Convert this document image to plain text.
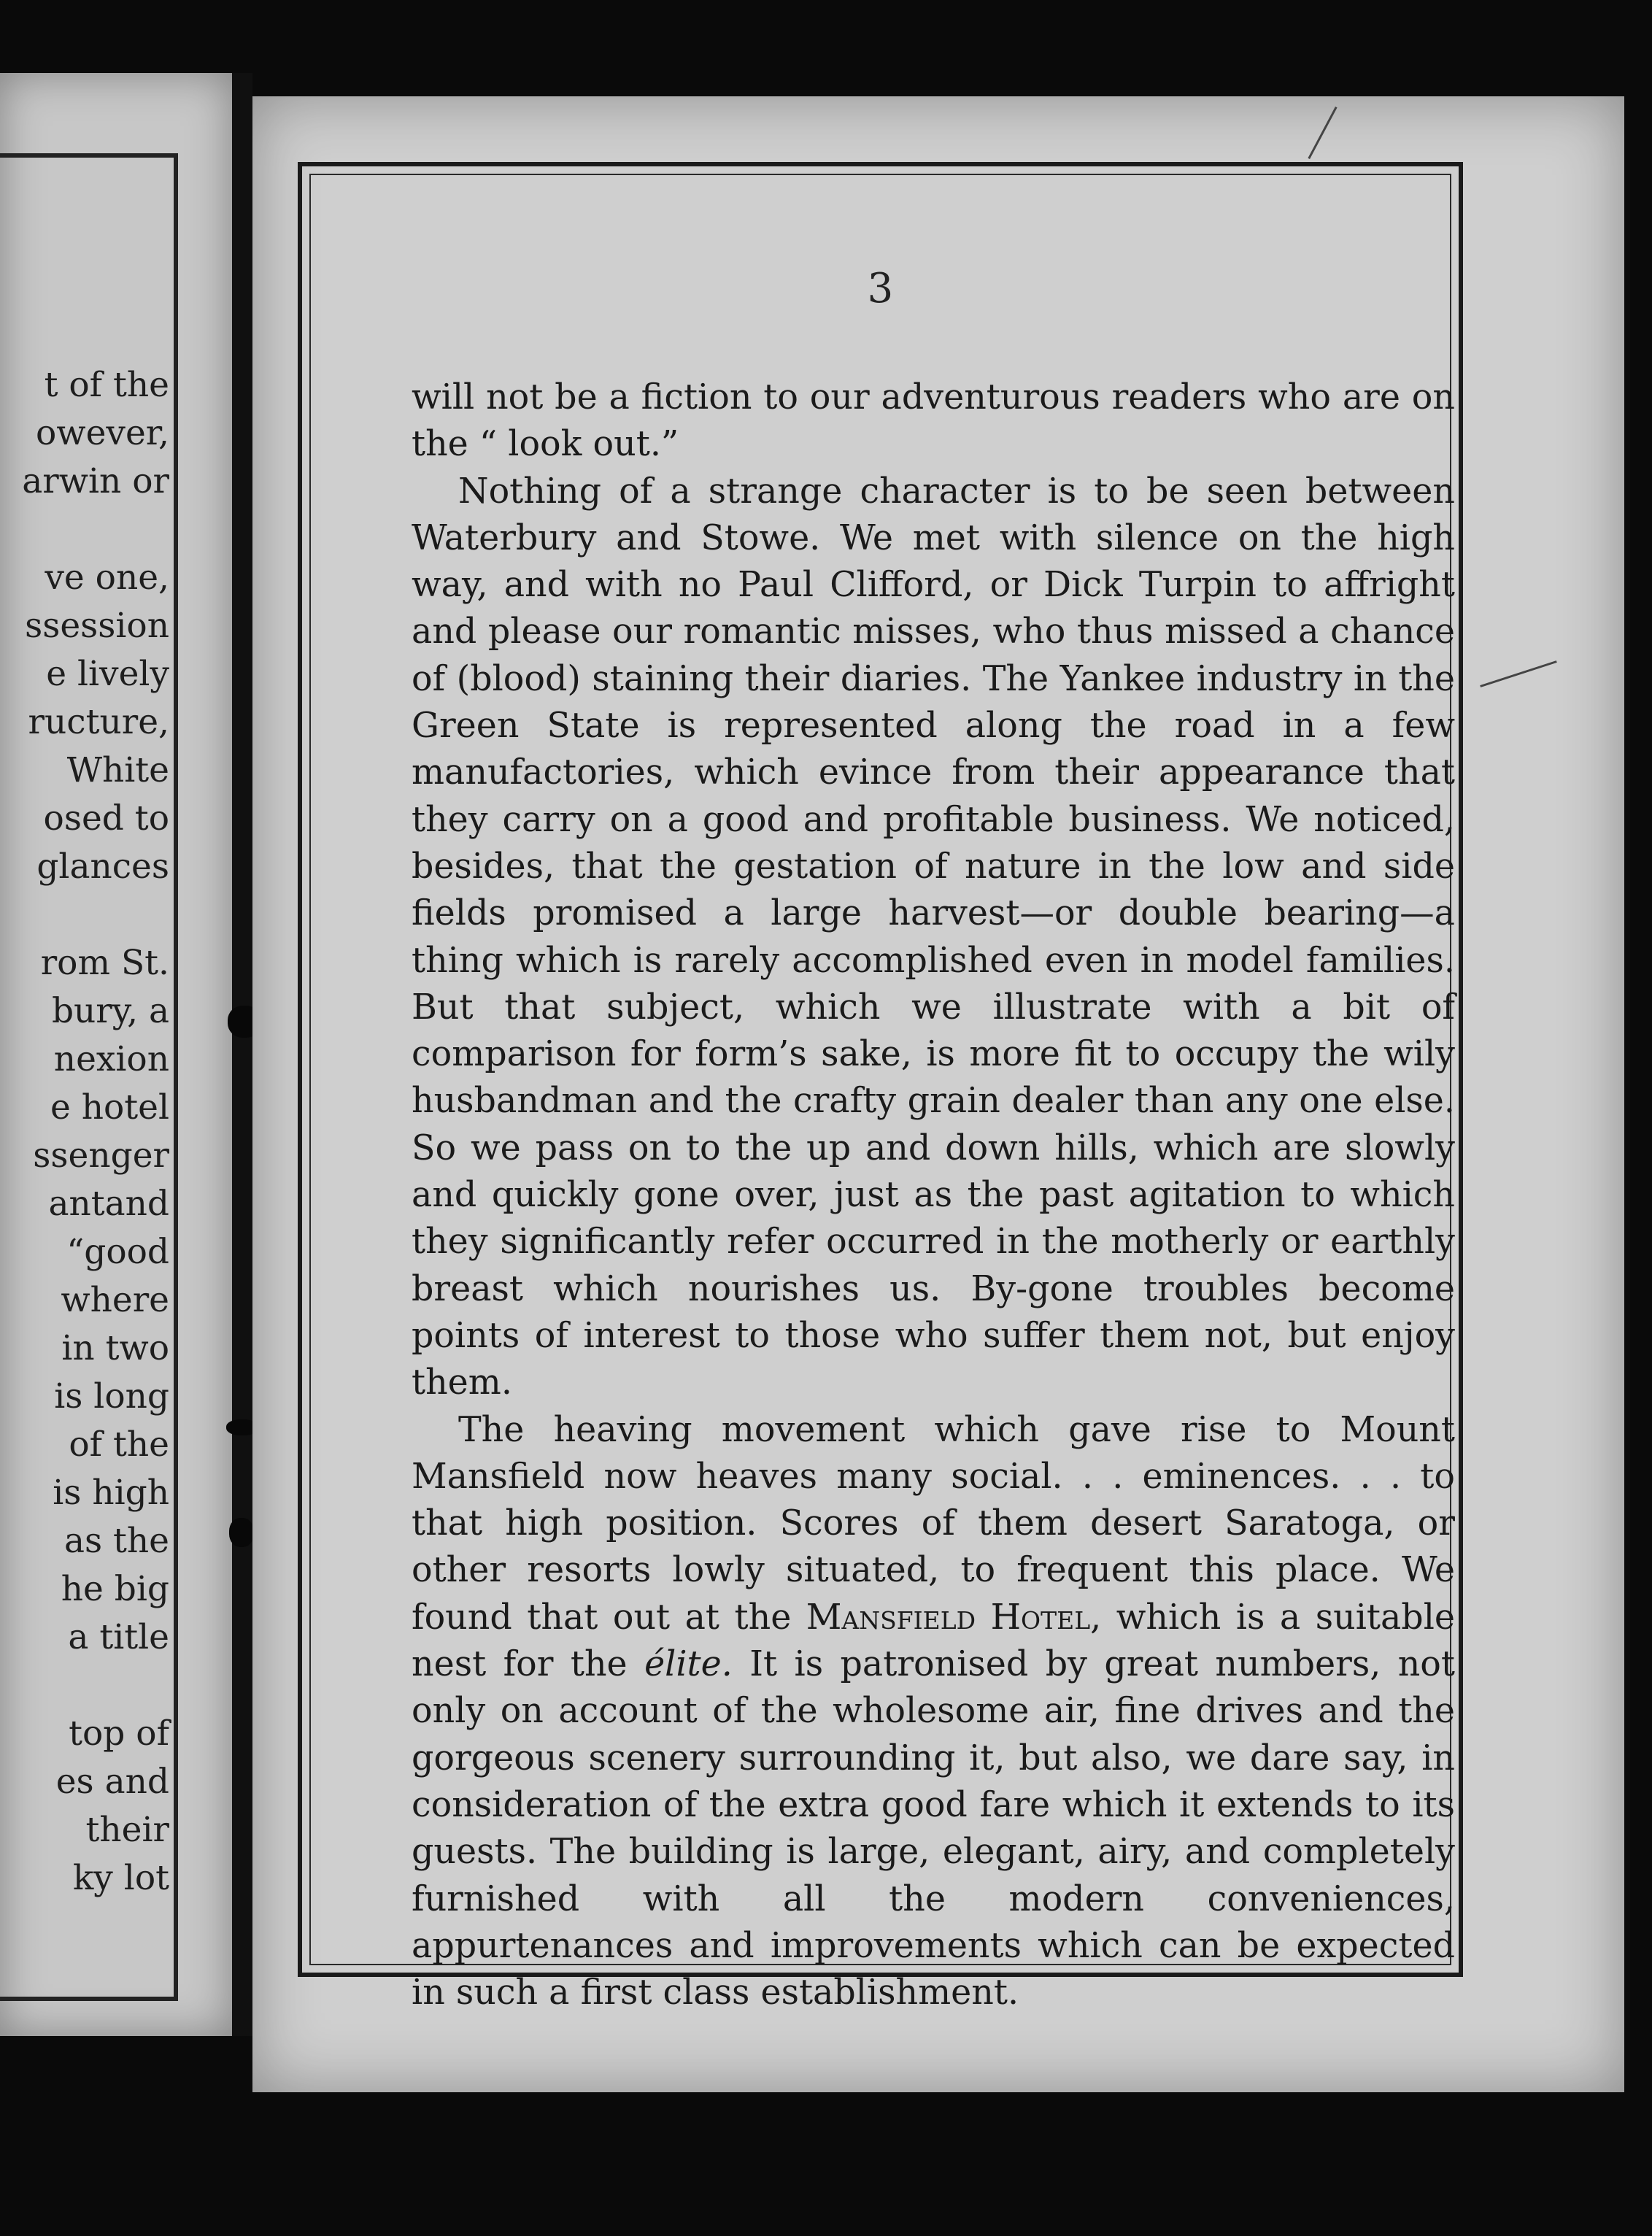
t of the
owever,
arwin or
ve one,
ssession
e lively
ructure,
White
osed to
glances
rom St.
bury, a
nexion
e hotel
ssenger
antand
“good
where
in two
is long
of the
is high
as the
he big
a title
top of
es and
their
ky lot
3

will not be a fiction to our adventurous readers who are on the “ look out.”

Nothing of a strange character is to be seen between Waterbury and Stowe. We met with silence on the high way, and with no Paul Clifford, or Dick Turpin to affright and please our romantic misses, who thus missed a chance of (blood) staining their diaries. The Yankee industry in the Green State is represented along the road in a few manufactories, which evince from their appearance that they carry on a good and profitable business. We noticed, besides, that the gestation of nature in the low and side fields promised a large harvest—or double bearing—a thing which is rarely accomplished even in model families. But that subject, which we illustrate with a bit of comparison for form’s sake, is more fit to occupy the wily husbandman and the crafty grain dealer than any one else. So we pass on to the up and down hills, which are slowly and quickly gone over, just as the past agitation to which they significantly refer occurred in the motherly or earthly breast which nourishes us. By-gone troubles become points of interest to those who suffer them not, but enjoy them.

The heaving movement which gave rise to Mount Mansfield now heaves many social. . . eminences. . . to that high position. Scores of them desert Saratoga, or other resorts lowly situated, to frequent this place. We found that out at the Mansfield Hotel, which is a suitable nest for the élite. It is patronised by great numbers, not only on account of the wholesome air, fine drives and the gorgeous scenery surrounding it, but also, we dare say, in consideration of the extra good fare which it extends to its guests. The building is large, elegant, airy, and completely furnished with all the modern conveniences, appurtenances and improvements which can be expected in such a first class establishment.
